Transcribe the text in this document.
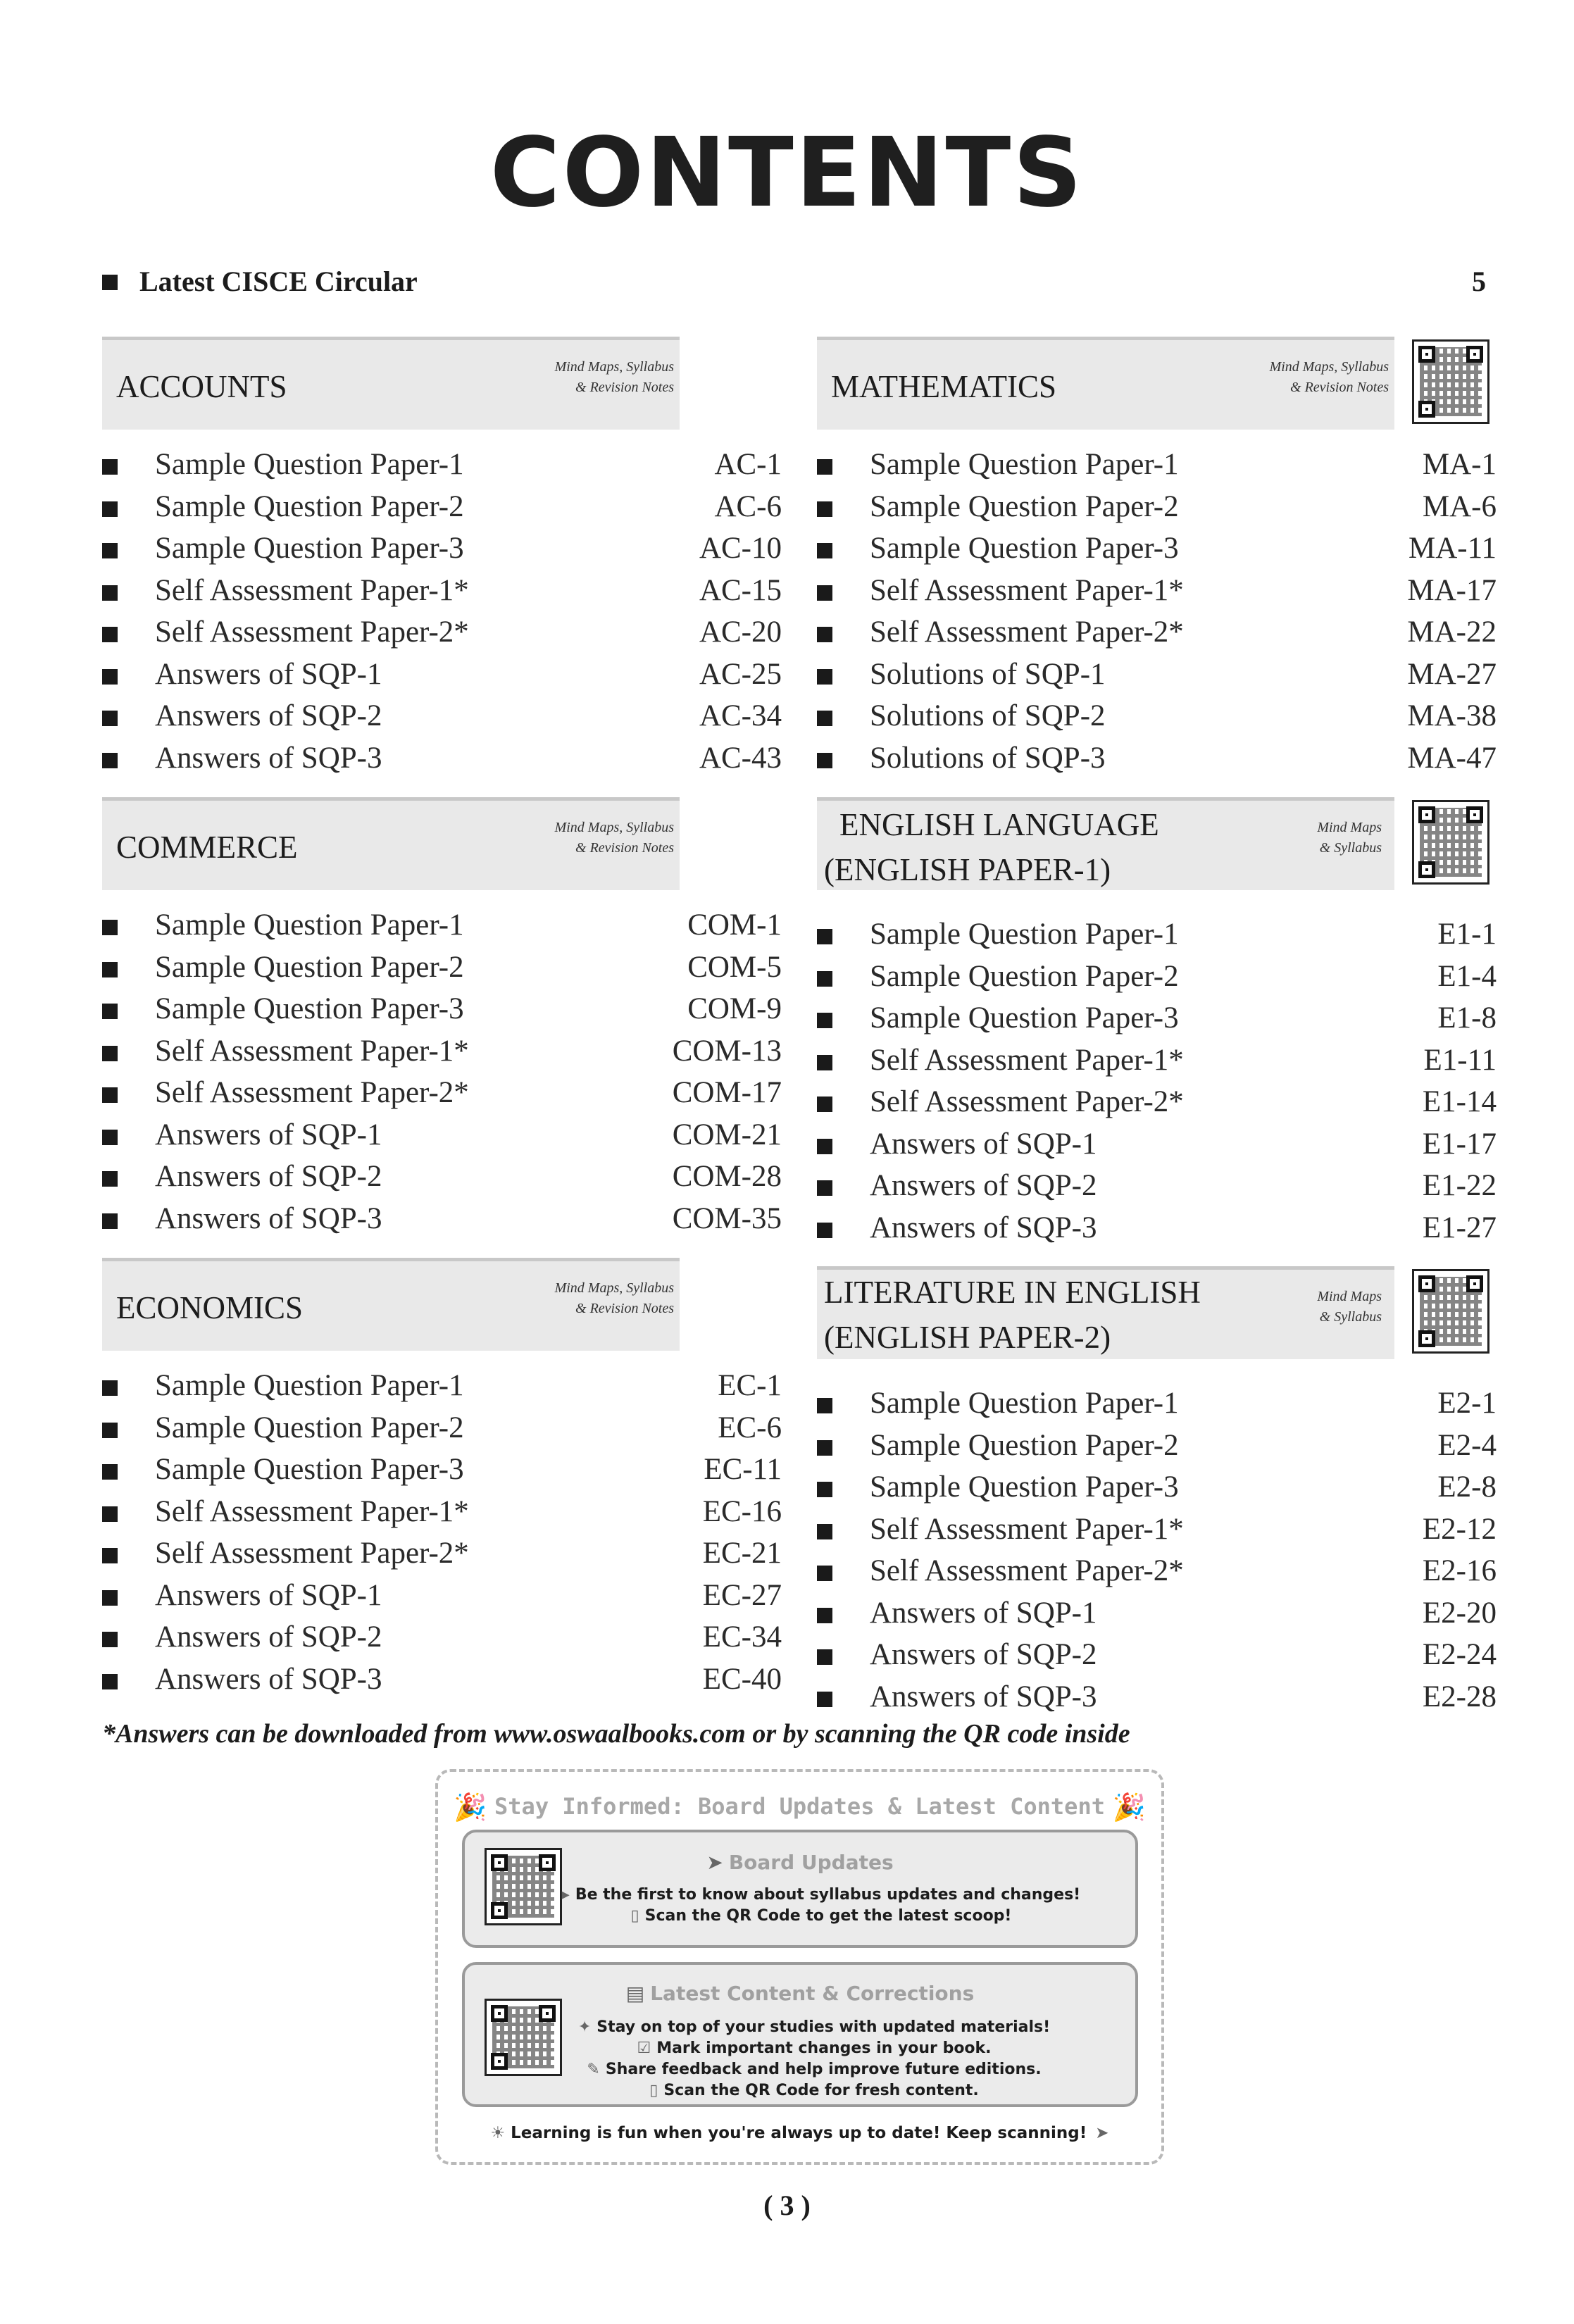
CONTENTS
Latest CISCE Circular	5
ACCOUNTS
Mind Maps, Syllabus
& Revision Notes
Sample Question Paper-1	AC-1
Sample Question Paper-2	AC-6
Sample Question Paper-3	AC-10
Self Assessment Paper-1*	AC-15
Self Assessment Paper-2*	AC-20
Answers of SQP-1	AC-25
Answers of SQP-2	AC-34
Answers of SQP-3	AC-43
COMMERCE
Mind Maps, Syllabus
& Revision Notes
Sample Question Paper-1	COM-1
Sample Question Paper-2	COM-5
Sample Question Paper-3	COM-9
Self Assessment Paper-1*	COM-13
Self Assessment Paper-2*	COM-17
Answers of SQP-1	COM-21
Answers of SQP-2	COM-28
Answers of SQP-3	COM-35
ECONOMICS
Mind Maps, Syllabus
& Revision Notes
Sample Question Paper-1	EC-1
Sample Question Paper-2	EC-6
Sample Question Paper-3	EC-11
Self Assessment Paper-1*	EC-16
Self Assessment Paper-2*	EC-21
Answers of SQP-1	EC-27
Answers of SQP-2	EC-34
Answers of SQP-3	EC-40
MATHEMATICS
Mind Maps, Syllabus
& Revision Notes
Sample Question Paper-1	MA-1
Sample Question Paper-2	MA-6
Sample Question Paper-3	MA-11
Self Assessment Paper-1*	MA-17
Self Assessment Paper-2*	MA-22
Solutions of SQP-1	MA-27
Solutions of SQP-2	MA-38
Solutions of SQP-3	MA-47
ENGLISH LANGUAGE
(ENGLISH PAPER-1)
Mind Maps
& Syllabus
Sample Question Paper-1	E1-1
Sample Question Paper-2	E1-4
Sample Question Paper-3	E1-8
Self Assessment Paper-1*	E1-11
Self Assessment Paper-2*	E1-14
Answers of SQP-1	E1-17
Answers of SQP-2	E1-22
Answers of SQP-3	E1-27
LITERATURE IN ENGLISH
(ENGLISH PAPER-2)
Mind Maps
& Syllabus
Sample Question Paper-1	E2-1
Sample Question Paper-2	E2-4
Sample Question Paper-3	E2-8
Self Assessment Paper-1*	E2-12
Self Assessment Paper-2*	E2-16
Answers of SQP-1	E2-20
Answers of SQP-2	E2-24
Answers of SQP-3	E2-28
*Answers can be downloaded from www.oswaalbooks.com or by scanning the QR code inside
🎉 Stay Informed: Board Updates & Latest Content 🎉
➤ Board Updates
▸ Be the first to know about syllabus updates and changes!
▯ Scan the QR Code to get the latest scoop!
▤ Latest Content & Corrections
✦ Stay on top of your studies with updated materials!
☑ Mark important changes in your book.
✎ Share feedback and help improve future editions.
▯ Scan the QR Code for fresh content.
☀ Learning is fun when you're always up to date! Keep scanning! ➤
( 3 )
